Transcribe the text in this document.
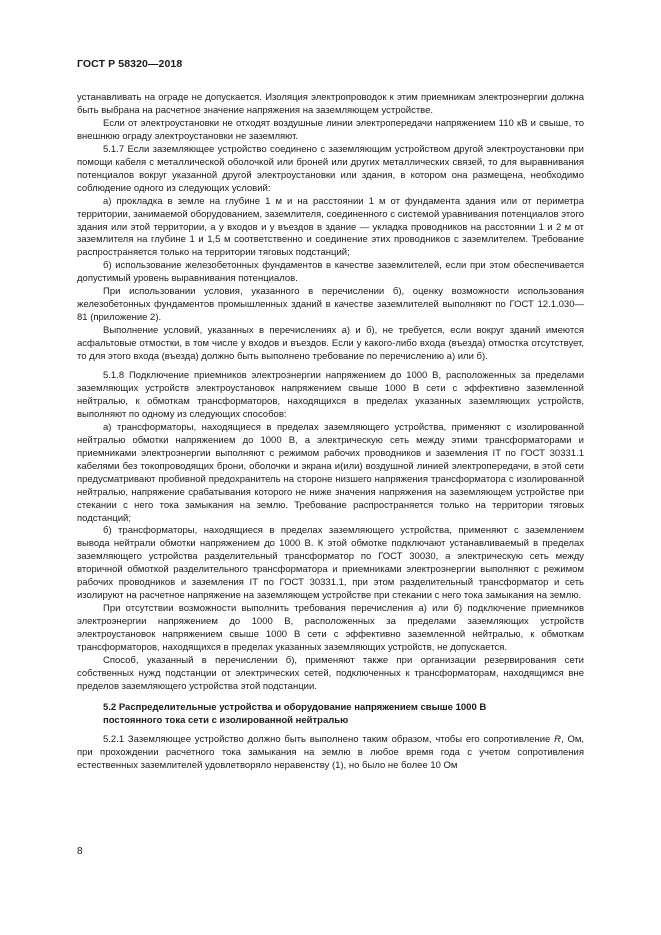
ГОСТ Р 58320—2018

устанавливать на ограде не допускается. Изоляция электропроводок к этим приемникам электроэнергии должна быть выбрана на расчетное значение напряжения на заземляющем устройстве.

Если от электроустановки не отходят воздушные линии электропередачи напряжением 110 кВ и свыше, то внешнюю ограду электроустановки не заземляют.

5.1.7 Если заземляющее устройство соединено с заземляющим устройством другой электроустановки при помощи кабеля с металлической оболочкой или броней или других металлических связей, то для выравнивания потенциалов вокруг указанной другой электроустановки или здания, в котором она размещена, необходимо соблюдение одного из следующих условий:

а) прокладка в земле на глубине 1 м и на расстоянии 1 м от фундамента здания или от периметра территории, занимаемой оборудованием, заземлителя, соединенного с системой уравнивания потенциалов этого здания или этой территории, а у входов и у въездов в здание — укладка проводников на расстоянии 1 и 2 м от заземлителя на глубине 1 и 1,5 м соответственно и соединение этих проводников с заземлителем. Требование распространяется только на территории тяговых подстанций;

б) использование железобетонных фундаментов в качестве заземлителей, если при этом обеспечивается допустимый уровень выравнивания потенциалов.

При использовании условия, указанного в перечислении б), оценку возможности использования железобетонных фундаментов промышленных зданий в качестве заземлителей выполняют по ГОСТ 12.1.030—81 (приложение 2).

Выполнение условий, указанных в перечислениях а) и б), не требуется, если вокруг зданий имеются асфальтовые отмостки, в том числе у входов и въездов. Если у какого-либо входа (въезда) отмостка отсутствует, то для этого входа (въезда) должно быть выполнено требование по перечислению а) или б).

5.1.8 Подключение приемников электроэнергии напряжением до 1000 В, расположенных за пределами заземляющих устройств электроустановок напряжением свыше 1000 В сети с эффективно заземленной нейтралью, к обмоткам трансформаторов, находящихся в пределах указанных заземляющих устройств, выполняют по одному из следующих способов:

а) трансформаторы, находящиеся в пределах заземляющего устройства, применяют с изолированной нейтралью обмотки напряжением до 1000 В, а электрическую сеть между этими трансформаторами и приемниками электроэнергии выполняют с режимом рабочих проводников и заземления IT по ГОСТ 30331.1 кабелями без токопроводящих брони, оболочки и экрана и(или) воздушной линией электропередачи, в этой сети предусматривают пробивной предохранитель на стороне низшего напряжения трансформатора с изолированной нейтралью, напряжение срабатывания которого не ниже значения напряжения на заземляющем устройстве при стекании с него тока замыкания на землю. Требование распространяется только на территории тяговых подстанций;

б) трансформаторы, находящиеся в пределах заземляющего устройства, применяют с заземлением вывода нейтрали обмотки напряжением до 1000 В. К этой обмотке подключают устанавливаемый в пределах заземляющего устройства разделительный трансформатор по ГОСТ 30030, а электрическую сеть между вторичной обмоткой разделительного трансформатора и приемниками электроэнергии выполняют с режимом рабочих проводников и заземления IT по ГОСТ 30331.1, при этом разделительный трансформатор и сеть изолируют на расчетное напряжение на заземляющем устройстве при стекании с него тока замыкания на землю.

При отсутствии возможности выполнить требования перечисления а) или б) подключение приемников электроэнергии напряжением до 1000 В, расположенных за пределами заземляющих устройств электроустановок напряжением свыше 1000 В сети с эффективно заземленной нейтралью, к обмоткам трансформаторов, находящихся в пределах указанных заземляющих устройств, не допускается.

Способ, указанный в перечислении б), применяют также при организации резервирования сети собственных нужд подстанции от электрических сетей, подключенных к трансформаторам, находящимся вне пределов заземляющего устройства этой подстанции.

5.2 Распределительные устройства и оборудование напряжением свыше 1000 В
постоянного тока сети с изолированной нейтралью

5.2.1 Заземляющее устройство должно быть выполнено таким образом, чтобы его сопротивление R, Ом, при прохождении расчетного тока замыкания на землю в любое время года с учетом сопротивления естественных заземлителей удовлетворяло неравенству (1), но было не более 10 Ом

8
